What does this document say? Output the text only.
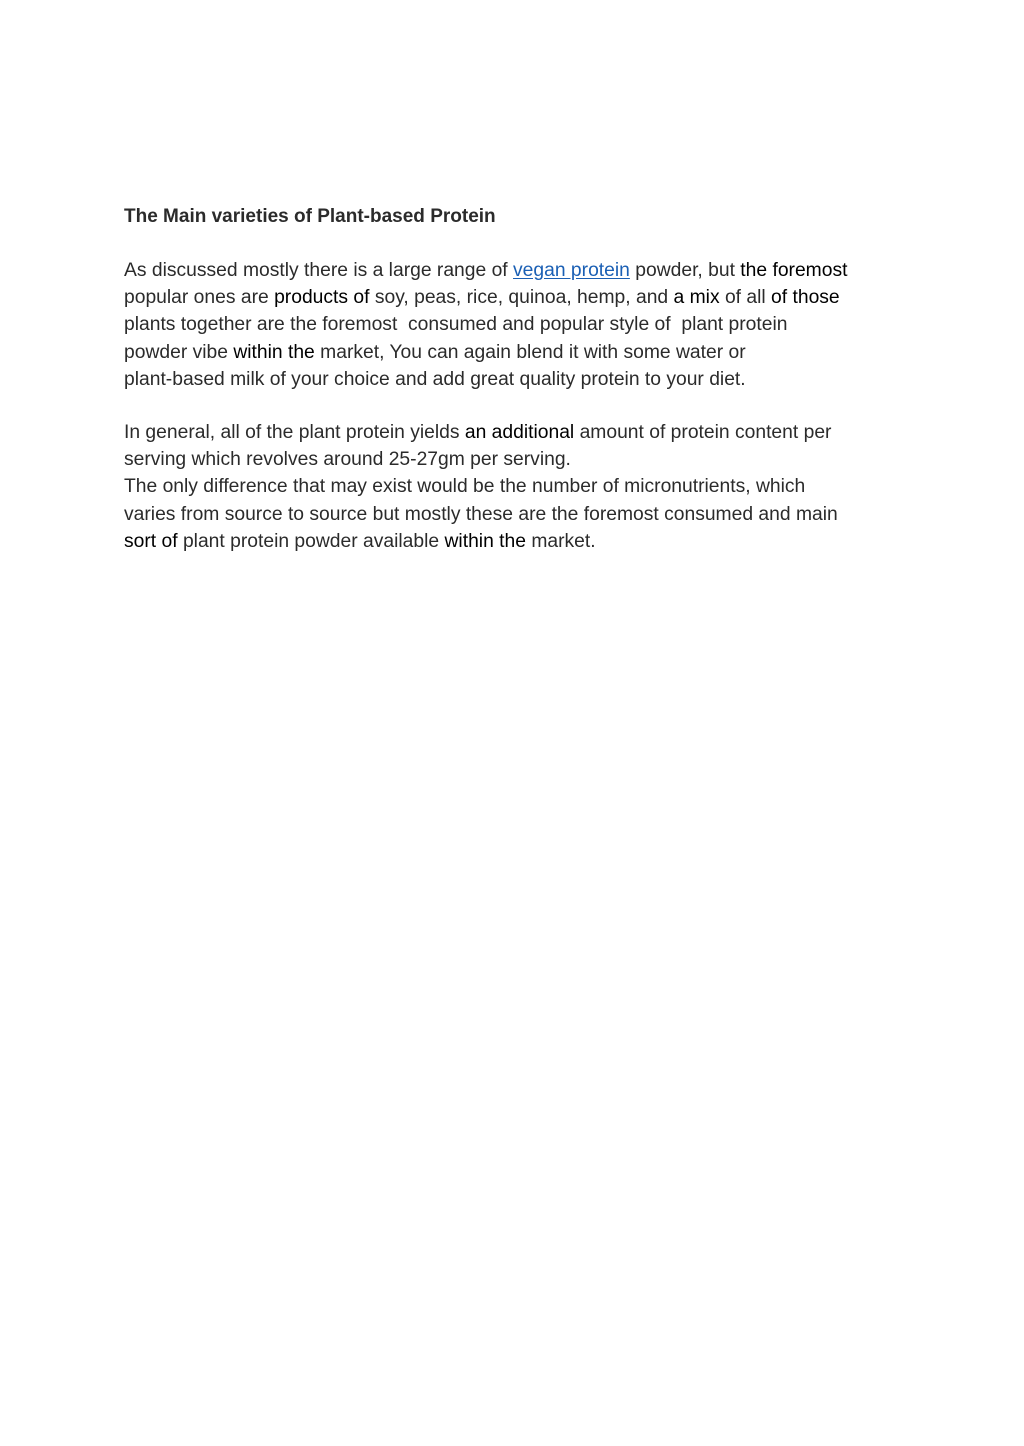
The Main varieties of Plant-based Protein

As discussed mostly there is a large range of vegan protein powder, but the foremost
popular ones are products of soy, peas, rice, quinoa, hemp, and a mix of all of those
plants together are the foremost  consumed and popular style of  plant protein
powder vibe within the market, You can again blend it with some water or
plant-based milk of your choice and add great quality protein to your diet.

In general, all of the plant protein yields an additional amount of protein content per
serving which revolves around 25-27gm per serving.
The only difference that may exist would be the number of micronutrients, which
varies from source to source but mostly these are the foremost consumed and main
sort of plant protein powder available within the market.
